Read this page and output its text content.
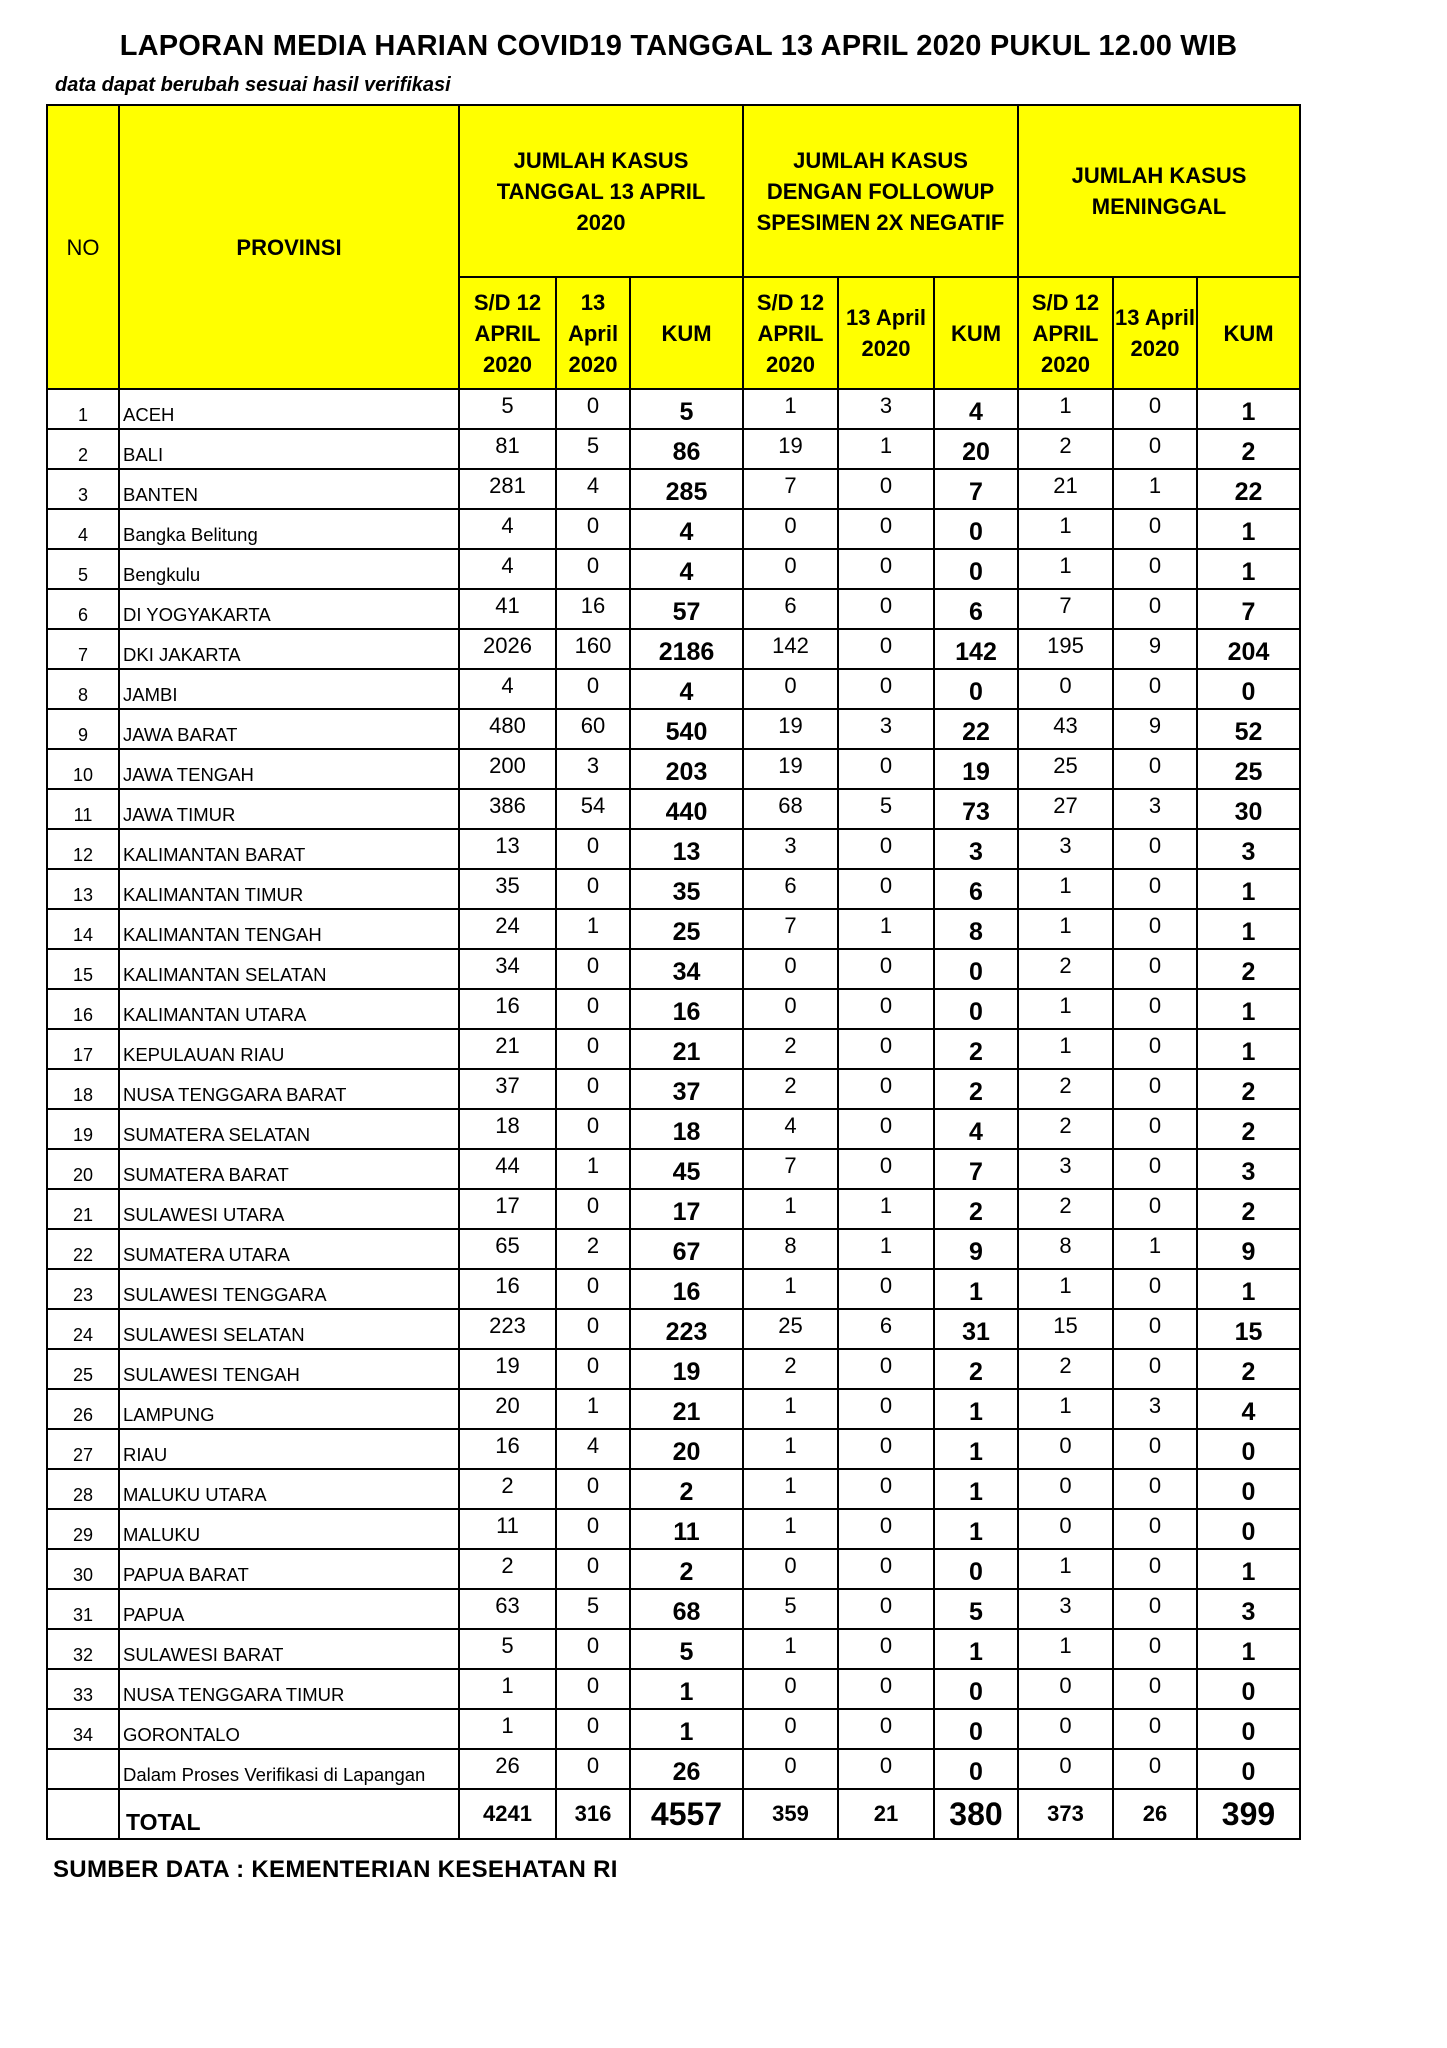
LAPORAN MEDIA HARIAN COVID19 TANGGAL 13 APRIL 2020 PUKUL 12.00 WIB
data dapat berubah sesuai hasil verifikasi
NO	PROVINSI	JUMLAH KASUS TANGGAL 13 APRIL 2020			JUMLAH KASUS DENGAN FOLLOWUP SPESIMEN 2X NEGATIF			JUMLAH KASUS MENINGGAL		

		S/D 12 APRIL 2020	13 April 2020	KUM	S/D 12 APRIL 2020	13 April 2020	KUM	S/D 12 APRIL 2020	13 April 2020	KUM
1	ACEH	5	0	5	1	3	4	1	0	1
2	BALI	81	5	86	19	1	20	2	0	2
3	BANTEN	281	4	285	7	0	7	21	1	22
4	Bangka Belitung	4	0	4	0	0	0	1	0	1
5	Bengkulu	4	0	4	0	0	0	1	0	1
6	DI YOGYAKARTA	41	16	57	6	0	6	7	0	7
7	DKI JAKARTA	2026	160	2186	142	0	142	195	9	204
8	JAMBI	4	0	4	0	0	0	0	0	0
9	JAWA BARAT	480	60	540	19	3	22	43	9	52
10	JAWA TENGAH	200	3	203	19	0	19	25	0	25
11	JAWA TIMUR	386	54	440	68	5	73	27	3	30
12	KALIMANTAN BARAT	13	0	13	3	0	3	3	0	3
13	KALIMANTAN TIMUR	35	0	35	6	0	6	1	0	1
14	KALIMANTAN TENGAH	24	1	25	7	1	8	1	0	1
15	KALIMANTAN SELATAN	34	0	34	0	0	0	2	0	2
16	KALIMANTAN UTARA	16	0	16	0	0	0	1	0	1
17	KEPULAUAN RIAU	21	0	21	2	0	2	1	0	1
18	NUSA TENGGARA BARAT	37	0	37	2	0	2	2	0	2
19	SUMATERA SELATAN	18	0	18	4	0	4	2	0	2
20	SUMATERA BARAT	44	1	45	7	0	7	3	0	3
21	SULAWESI UTARA	17	0	17	1	1	2	2	0	2
22	SUMATERA UTARA	65	2	67	8	1	9	8	1	9
23	SULAWESI TENGGARA	16	0	16	1	0	1	1	0	1
24	SULAWESI SELATAN	223	0	223	25	6	31	15	0	15
25	SULAWESI TENGAH	19	0	19	2	0	2	2	0	2
26	LAMPUNG	20	1	21	1	0	1	1	3	4
27	RIAU	16	4	20	1	0	1	0	0	0
28	MALUKU UTARA	2	0	2	1	0	1	0	0	0
29	MALUKU	11	0	11	1	0	1	0	0	0
30	PAPUA BARAT	2	0	2	0	0	0	1	0	1
31	PAPUA	63	5	68	5	0	5	3	0	3
32	SULAWESI BARAT	5	0	5	1	0	1	1	0	1
33	NUSA TENGGARA TIMUR	1	0	1	0	0	0	0	0	0
34	GORONTALO	1	0	1	0	0	0	0	0	0
	Dalam Proses Verifikasi di Lapangan	26	0	26	0	0	0	0	0	0
	TOTAL	4241	316	4557	359	21	380	373	26	399
SUMBER DATA : KEMENTERIAN KESEHATAN RI
